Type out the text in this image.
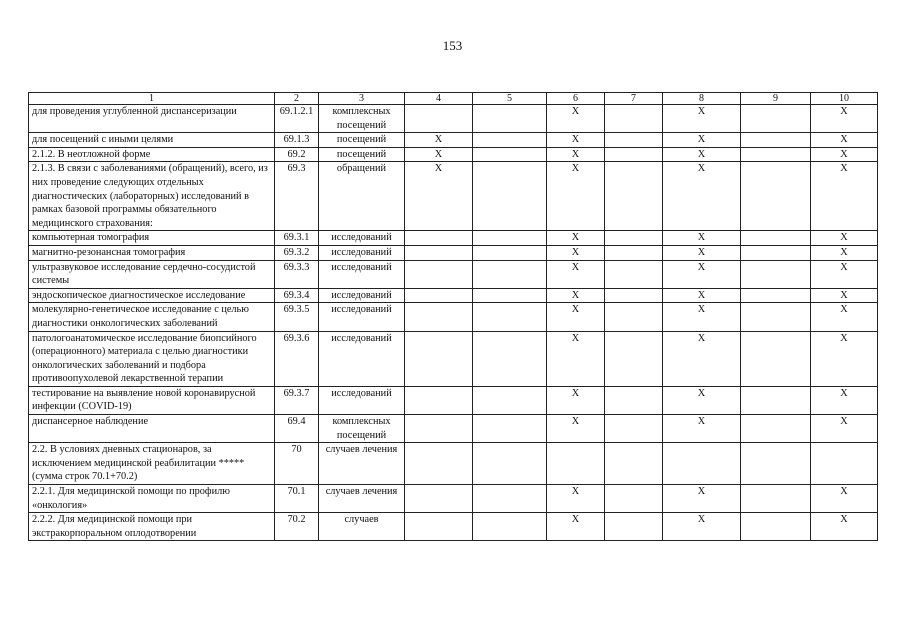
153
1	2	3	4	5	6	7	8	9	10
для проведения углубленной диспансеризации	69.1.2.1	комплексных посещений			X		X		X
для посещений с иными целями	69.1.3	посещений	X		X		X		X
2.1.2. В неотложной форме	69.2	посещений	X		X		X		X
2.1.3. В связи с заболеваниями (обращений), всего, из них проведение следующих отдельных диагностических (лабораторных) исследований в рамках базовой программы обязательного медицинского страхования:	69.3	обращений	X		X		X		X
компьютерная томография	69.3.1	исследований			X		X		X
магнитно-резонансная томография	69.3.2	исследований			X		X		X
ультразвуковое исследование сердечно-сосудистой системы	69.3.3	исследований			X		X		X
эндоскопическое диагностическое исследование	69.3.4	исследований			X		X		X
молекулярно-генетическое исследование с целью диагностики онкологических заболеваний	69.3.5	исследований			X		X		X
патологоанатомическое исследование биопсийного (операционного) материала с целью диагностики онкологических заболеваний и подбора противоопухолевой лекарственной терапии	69.3.6	исследований			X		X		X
тестирование на выявление новой коронавирусной инфекции (COVID-19)	69.3.7	исследований			X		X		X
диспансерное наблюдение	69.4	комплексных посещений			X		X		X
2.2. В условиях дневных стационаров, за исключением медицинской реабилитации ***** (сумма строк 70.1+70.2)	70	случаев лечения							
2.2.1. Для медицинской помощи по профилю «онкология»	70.1	случаев лечения			X		X		X
2.2.2. Для медицинской помощи при экстракорпоральном оплодотворении	70.2	случаев			X		X		X
